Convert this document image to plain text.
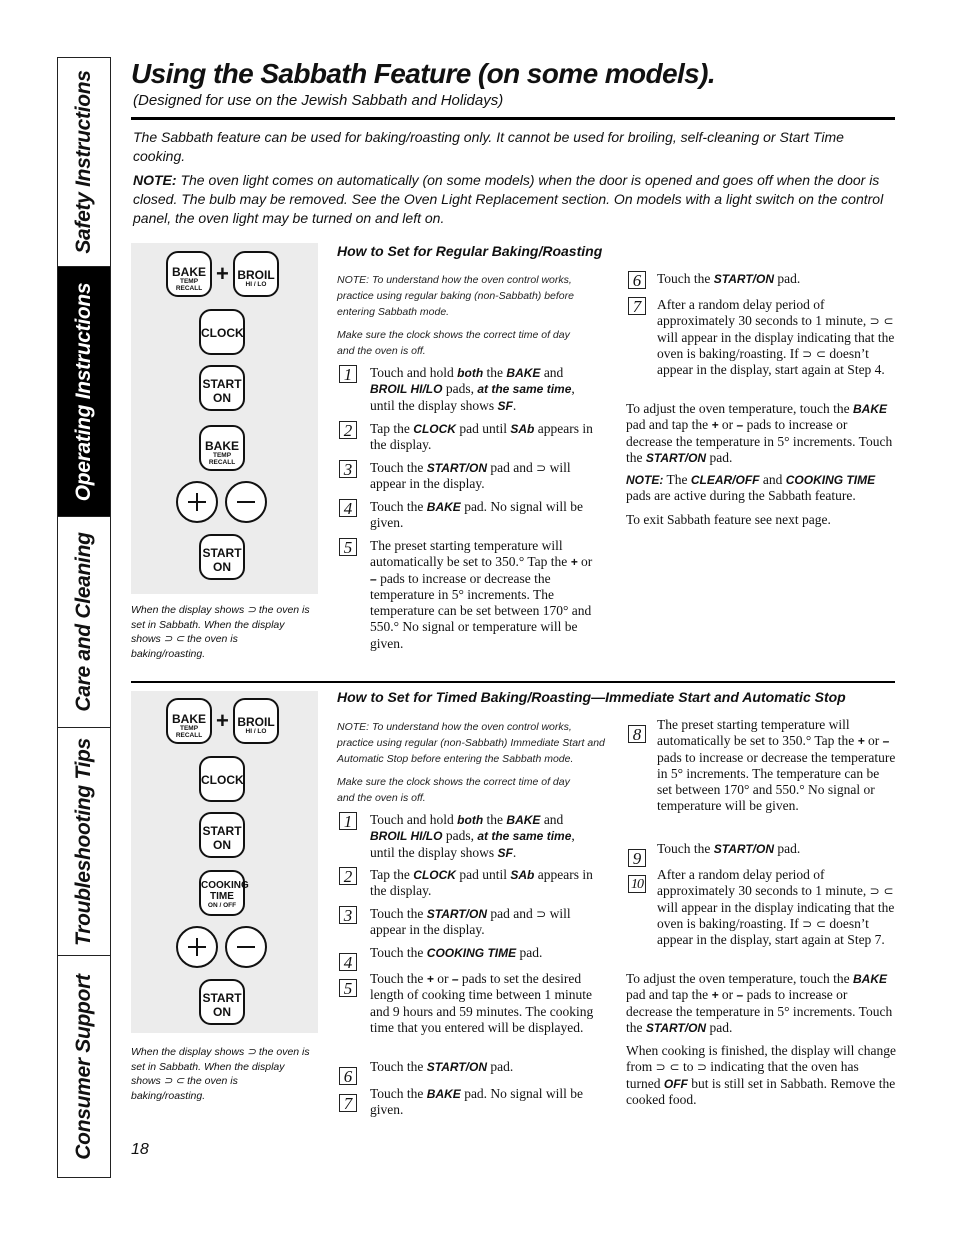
Safety Instructions
Operating Instructions
Care and Cleaning
Troubleshooting Tips
Consumer Support
Using the Sabbath Feature (on some models).
(Designed for use on the Jewish Sabbath and Holidays)
The Sabbath feature can be used for baking/roasting only. It cannot be used for broiling, self-cleaning or Start Time cooking.
NOTE: The oven light comes on automatically (on some models) when the door is opened and goes off when the door is closed. The bulb may be removed. See the Oven Light Replacement section. On models with a light switch on the control panel, the oven light may be turned on and left on.
BAKE
TEMP
RECALL
+ BROIL
HI / LO
CLOCK
START
ON
BAKE
TEMP
RECALL
START
ON
When the display shows ⊃ the oven is set in Sabbath. When the display shows ⊃ ⊂ the oven is baking/roasting.
How to Set for Regular Baking/Roasting
NOTE: To understand how the oven control works, practice using regular baking (non-Sabbath) before entering Sabbath mode.
Make sure the clock shows the correct time of day and the oven is off.
1	Touch and hold both the BAKE and BROIL HI/LO pads, at the same time, until the display shows SF.
2	Tap the CLOCK pad until SAb appears in the display.
3	Touch the START/ON pad and ⊃ will appear in the display.
4	Touch the BAKE pad. No signal will be given.
5	The preset starting temperature will automatically be set to 350.° Tap the + or – pads to increase or decrease the temperature in 5° increments. The temperature can be set between 170° and 550.° No signal or temperature will be given.
6	Touch the START/ON pad.
7	After a random delay period of approximately 30 seconds to 1 minute, ⊃ ⊂ will appear in the display indicating that the oven is baking/roasting. If ⊃ ⊂ doesn’t appear in the display, start again at Step 4.
To adjust the oven temperature, touch the BAKE pad and tap the + or – pads to increase or decrease the temperature in 5° increments. Touch the START/ON pad.
NOTE: The CLEAR/OFF and COOKING TIME pads are active during the Sabbath feature.
To exit Sabbath feature see next page.
BAKE
TEMP
RECALL
+ BROIL
HI / LO
CLOCK
START
ON
COOKING
TIME
ON / OFF
START
ON
When the display shows ⊃ the oven is set in Sabbath. When the display shows ⊃ ⊂ the oven is baking/roasting.
How to Set for Timed Baking/Roasting—Immediate Start and Automatic Stop
NOTE: To understand how the oven control works, practice using regular (non-Sabbath) Immediate Start and Automatic Stop before entering the Sabbath mode.
Make sure the clock shows the correct time of day and the oven is off.
1	Touch and hold both the BAKE and BROIL HI/LO pads, at the same time, until the display shows SF.
2	Tap the CLOCK pad until SAb appears in the display.
3	Touch the START/ON pad and ⊃ will appear in the display.
4
Touch the COOKING TIME pad.
5
Touch the + or – pads to set the desired length of cooking time between 1 minute and 9 hours and 59 minutes. The cooking time that you entered will be displayed.
6
Touch the START/ON pad.
7
Touch the BAKE pad. No signal will be given.
8
The preset starting temperature will automatically be set to 350.° Tap the + or – pads to increase or decrease the temperature in 5° increments. The temperature can be set between 170° and 550.° No signal or temperature will be given.
9
Touch the START/ON pad.
10
After a random delay period of approximately 30 seconds to 1 minute, ⊃ ⊂ will appear in the display indicating that the oven is baking/roasting. If ⊃ ⊂ doesn’t appear in the display, start again at Step 7.
To adjust the oven temperature, touch the BAKE pad and tap the + or – pads to increase or decrease the temperature in 5° increments. Touch the START/ON pad.
When cooking is finished, the display will change from ⊃ ⊂ to ⊃ indicating that the oven has turned OFF but is still set in Sabbath. Remove the cooked food.
18
